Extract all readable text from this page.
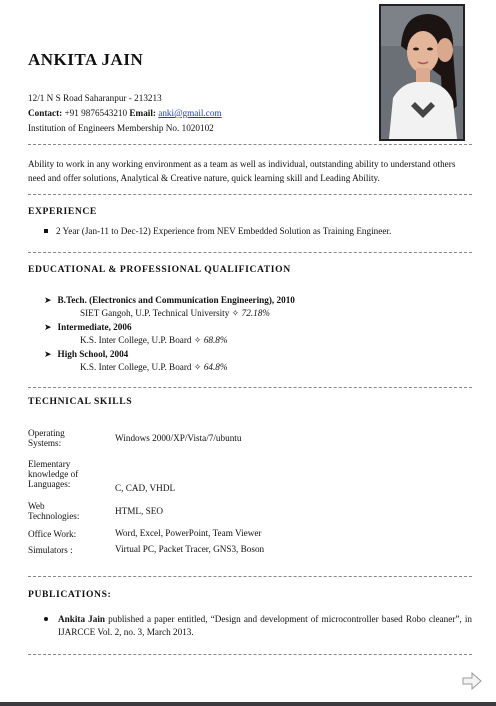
ANKITA JAIN
12/1 N S Road Saharanpur - 213213
Contact: +91 9876543210 Email: anki@gmail.com
Institution of Engineers Membership No. 1020102
Ability to work in any working environment as a team as well as individual, outstanding ability to understand others need and offer solutions, Analytical & Creative nature, quick learning skill and Leading Ability.
EXPERIENCE
2 Year (Jan-11 to Dec-12) Experience from NEV Embedded Solution as Training Engineer.
EDUCATIONAL & PROFESSIONAL QUALIFICATION
➤ B.Tech. (Electronics and Communication Engineering), 2010
SIET Gangoh, U.P. Technical University ✧ 72.18%
➤ Intermediate, 2006
K.S. Inter College, U.P. Board ✧ 68.8%
➤ High School, 2004
K.S. Inter College, U.P. Board ✧ 64.8%
TECHNICAL SKILLS
Operating
Systems:	Windows 2000/XP/Vista/7/ubuntu
Elementary
knowledge of
Languages:	C, CAD, VHDL
Web
Technologies:	HTML, SEO
Office Work:	Word, Excel, PowerPoint, Team Viewer
Simulators :	Virtual PC, Packet Tracer, GNS3, Boson
PUBLICATIONS:
Ankita Jain published a paper entitled, “Design and development of microcontroller based Robo cleaner”, in IJARCCE Vol. 2, no. 3, March 2013.
